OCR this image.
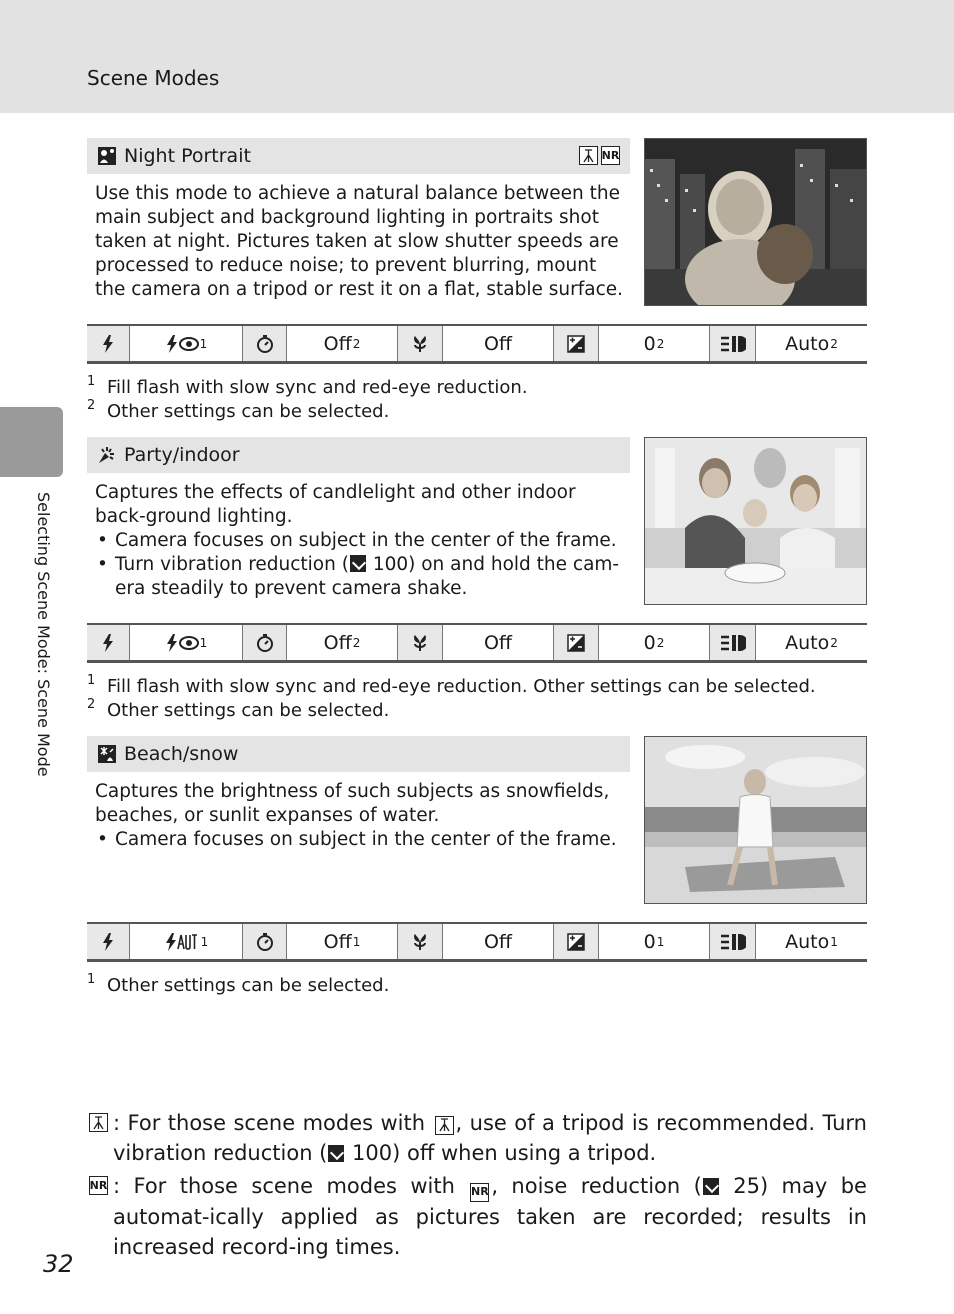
Scene Modes
Selecting Scene Mode: Scene Mode
Night Portrait	NR

Use this mode to achieve a natural balance between the main subject and background lighting in portraits shot taken at night. Pictures taken at slow shutter speeds are processed to reduce noise; to prevent blurring, mount the camera on a tripod or rest it on a flat, stable surface.

1	Off 2	Off	0 2	Auto 2
1 Fill flash with slow sync and red-eye reduction.
2 Other settings can be selected.
Party/indoor

Captures the effects of candlelight and other indoor back-ground lighting.

• Camera focuses on subject in the center of the frame.
• Turn vibration reduction ( 100) on and hold the cam-era steadily to prevent camera shake.
1	Off 2	Off	0 2	Auto 2
1 Fill flash with slow sync and red-eye reduction. Other settings can be selected.
2 Other settings can be selected.
Beach/snow

Captures the brightness of such subjects as snowfields, beaches, or sunlit expanses of water.

• Camera focuses on subject in the center of the frame.
1	Off 1	Off	0 1	Auto 1
1 Other settings can be selected.
: For those scene modes with
, use of a tripod is recommended. Turn vibration reduction ( 100) off when using a tripod.
NR : For those scene modes with NR , noise reduction ( 25) may be automat-ically applied as pictures taken are recorded; results in increased record-ing times.
32
